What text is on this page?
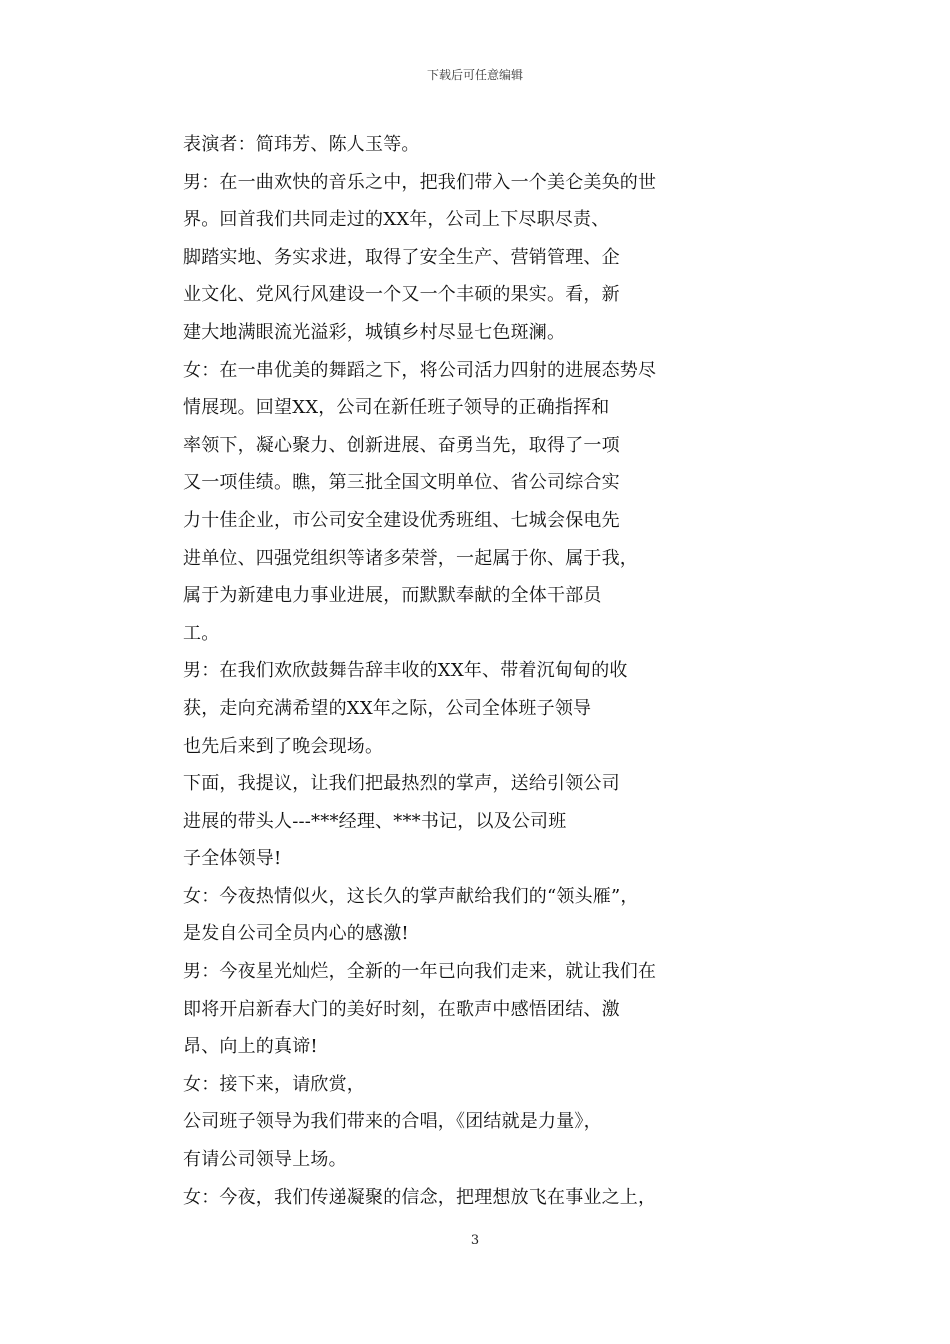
下载后可任意编辑
表演者：简玮芳、陈人玉等。
男：在一曲欢快的音乐之中，把我们带入一个美仑美奂的世
界。回首我们共同走过的XX年，公司上下尽职尽责、
脚踏实地、务实求进，取得了安全生产、营销管理、企
业文化、党风行风建设一个又一个丰硕的果实。看，新
建大地满眼流光溢彩，城镇乡村尽显七色斑澜。
女：在一串优美的舞蹈之下，将公司活力四射的进展态势尽
情展现。回望XX，公司在新任班子领导的正确指挥和
率领下，凝心聚力、创新进展、奋勇当先，取得了一项
又一项佳绩。瞧，第三批全国文明单位、省公司综合实
力十佳企业，市公司安全建设优秀班组、七城会保电先
进单位、四强党组织等诸多荣誉，一起属于你、属于我，
属于为新建电力事业进展，而默默奉献的全体干部员
工。
男：在我们欢欣鼓舞告辞丰收的XX年、带着沉甸甸的收
获，走向充满希望的XX年之际，公司全体班子领导
也先后来到了晚会现场。
下面，我提议，让我们把最热烈的掌声，送给引领公司
进展的带头人---***经理、***书记，以及公司班
子全体领导!
女：今夜热情似火，这长久的掌声献给我们的“领头雁”，
是发自公司全员内心的感激!
男：今夜星光灿烂，全新的一年已向我们走来，就让我们在
即将开启新春大门的美好时刻，在歌声中感悟团结、激
昂、向上的真谛!
女：接下来，请欣赏，
公司班子领导为我们带来的合唱，《团结就是力量》，
有请公司领导上场。
女：今夜，我们传递凝聚的信念，把理想放飞在事业之上，
3
